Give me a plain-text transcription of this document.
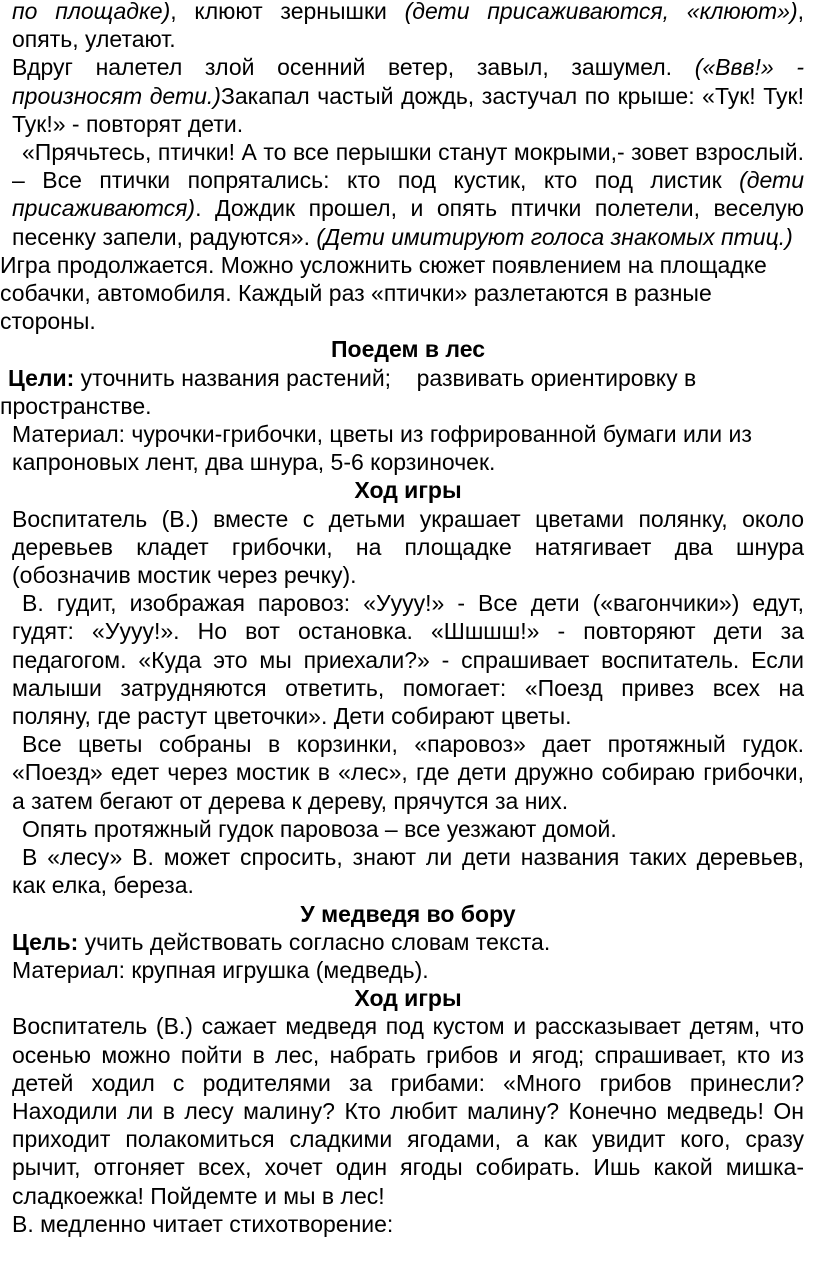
по площадке), клюют зернышки (дети присаживаются, «клюют»), опять, улетают.

Вдруг налетел злой осенний ветер, завыл, зашумел. («Ввв!» - произносят дети.)Закапал частый дождь, застучал по крыше: «Тук! Тук! Тук!» - повторят дети.

«Прячьтесь, птички! А то все перышки станут мокрыми,- зовет взрослый. – Все птички попрятались: кто под кустик, кто под листик (дети присаживаются). Дождик прошел, и опять птички полетели, веселую песенку запели, радуются». (Дети имитируют голоса знакомых птиц.)

Игра продолжается. Можно усложнить сюжет появлением на площадке собачки, автомобиля. Каждый раз «птички» разлетаются в разные стороны.

Поедем в лес

Цели: уточнить названия растений;    развивать ориентировку в пространстве.

Материал: чурочки-грибочки, цветы из гофрированной бумаги или из капроновых лент, два шнура, 5-6 корзиночек.

Ход игры

Воспитатель (В.) вместе с детьми украшает цветами полянку, около деревьев кладет грибочки, на площадке натягивает два шнура (обозначив мостик через речку).

В. гудит, изображая паровоз: «Уууу!» - Все дети («вагончики») едут, гудят: «Уууу!». Но вот остановка. «Шшшш!» - повторяют дети за педагогом. «Куда это мы приехали?» - спрашивает воспитатель. Если малыши затрудняются ответить, помогает: «Поезд привез всех на поляну, где растут цветочки». Дети собирают цветы.

Все цветы собраны в корзинки, «паровоз» дает протяжный гудок. «Поезд» едет через мостик в «лес», где дети дружно собираю грибочки, а затем бегают от дерева к дереву, прячутся за них.

Опять протяжный гудок паровоза – все уезжают домой.

В «лесу» В. может спросить, знают ли дети названия таких деревьев, как елка, береза.

У медведя во бору

Цель: учить действовать согласно словам текста.

Материал: крупная игрушка (медведь).

Ход игры

Воспитатель (В.) сажает медведя под кустом и рассказывает детям, что осенью можно пойти в лес, набрать грибов и ягод; спрашивает, кто из детей ходил с родителями за грибами: «Много грибов принесли? Находили ли в лесу малину? Кто любит малину? Конечно медведь! Он приходит полакомиться сладкими ягодами, а как увидит кого, сразу рычит, отгоняет всех, хочет один ягоды собирать. Ишь какой мишка-сладкоежка! Пойдемте и мы в лес!

В. медленно читает стихотворение:
